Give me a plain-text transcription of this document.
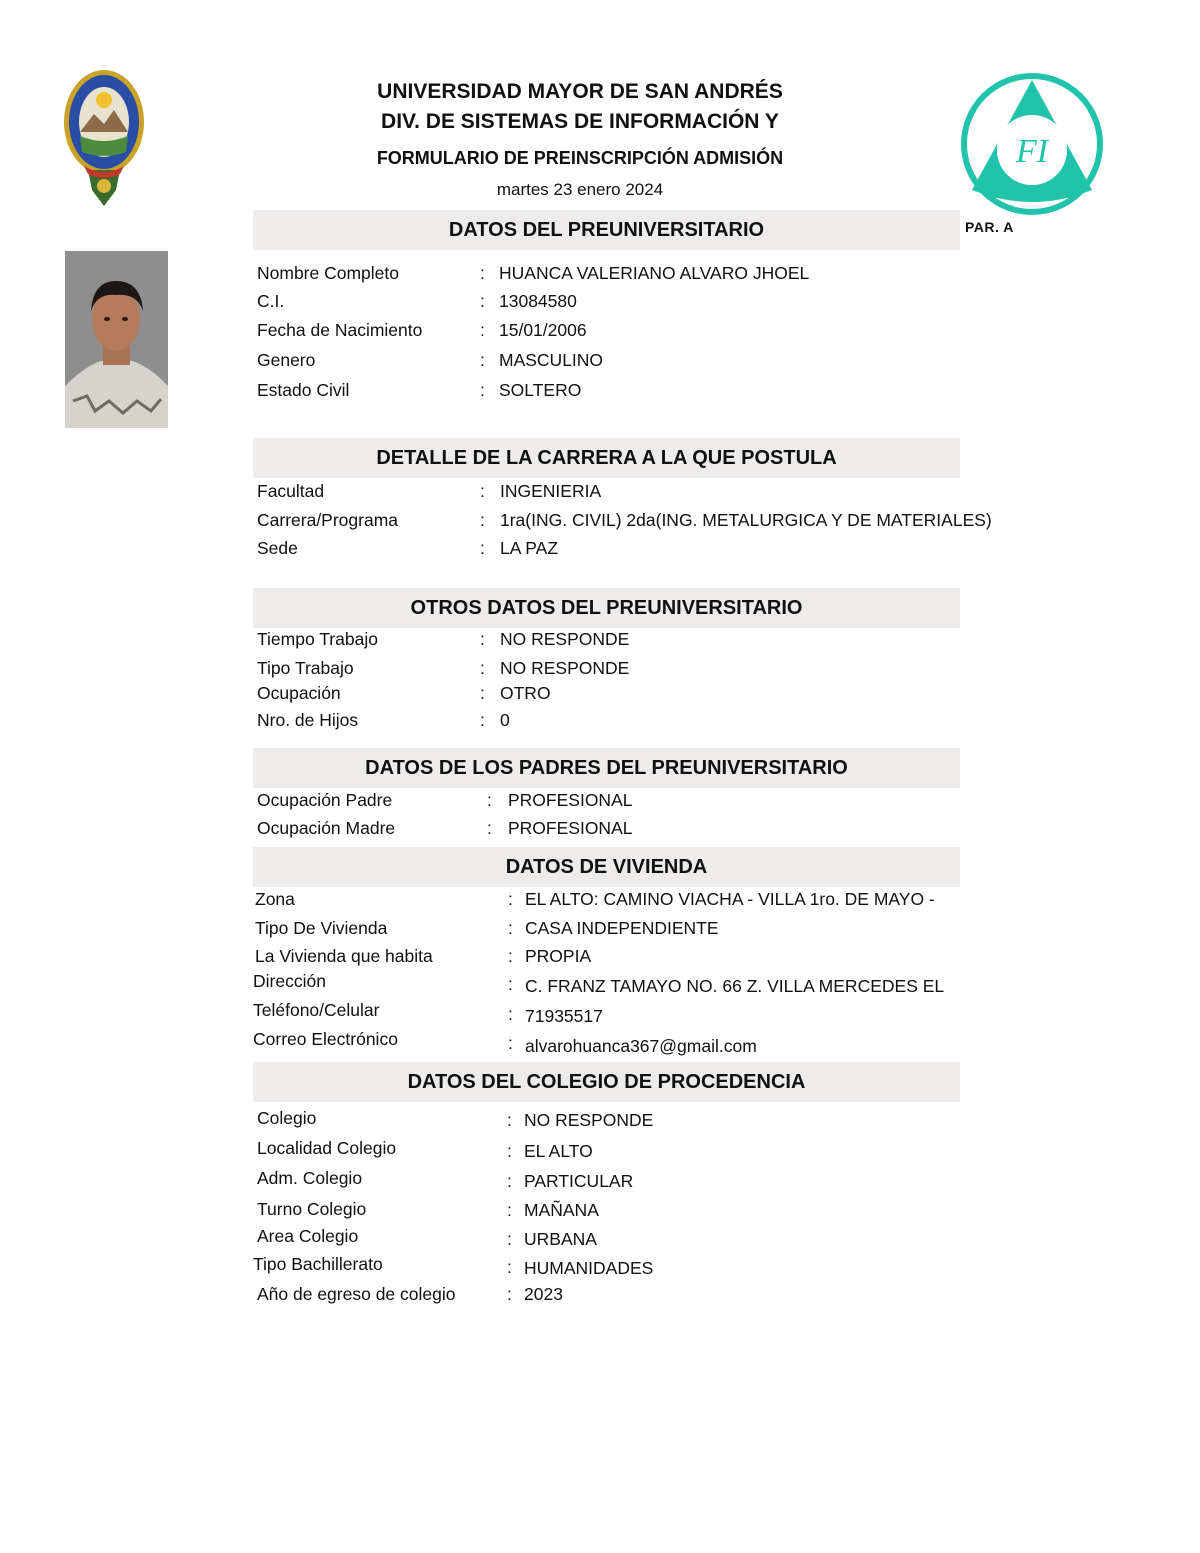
UNIVERSIDAD MAYOR DE SAN ANDRÉS
DIV. DE SISTEMAS DE INFORMACIÓN Y
FORMULARIO DE PREINSCRIPCIÓN ADMISIÓN
martes 23 enero 2024
FI
PAR. A
DATOS DEL PREUNIVERSITARIO
Nombre Completo	: HUANCA VALERIANO ALVARO JHOEL
C.I.	: 13084580
Fecha de Nacimiento	: 15/01/2006
Genero	: MASCULINO
Estado Civil	: SOLTERO
DETALLE DE LA CARRERA A LA QUE POSTULA
Facultad	: INGENIERIA
Carrera/Programa	: 1ra(ING. CIVIL) 2da(ING. METALURGICA Y DE MATERIALES)
Sede	: LA PAZ
OTROS DATOS DEL PREUNIVERSITARIO
Tiempo Trabajo	: NO RESPONDE
Tipo Trabajo	: NO RESPONDE
Ocupación	: OTRO
Nro. de Hijos	: 0
DATOS DE LOS PADRES DEL PREUNIVERSITARIO
Ocupación Padre	: PROFESIONAL
Ocupación Madre	: PROFESIONAL
DATOS DE VIVIENDA
Zona	: EL ALTO: CAMINO VIACHA - VILLA 1ro. DE MAYO -
Tipo De Vivienda	: CASA INDEPENDIENTE
La Vivienda que habita	: PROPIA
Dirección	: C. FRANZ TAMAYO NO. 66 Z. VILLA MERCEDES EL
Teléfono/Celular	: 71935517
Correo Electrónico	: alvarohuanca367@gmail.com
DATOS DEL COLEGIO DE PROCEDENCIA
Colegio	: NO RESPONDE
Localidad Colegio	: EL ALTO
Adm. Colegio	: PARTICULAR
Turno Colegio	: MAÑANA
Area Colegio	: URBANA
Tipo Bachillerato	: HUMANIDADES
Año de egreso de colegio	: 2023
